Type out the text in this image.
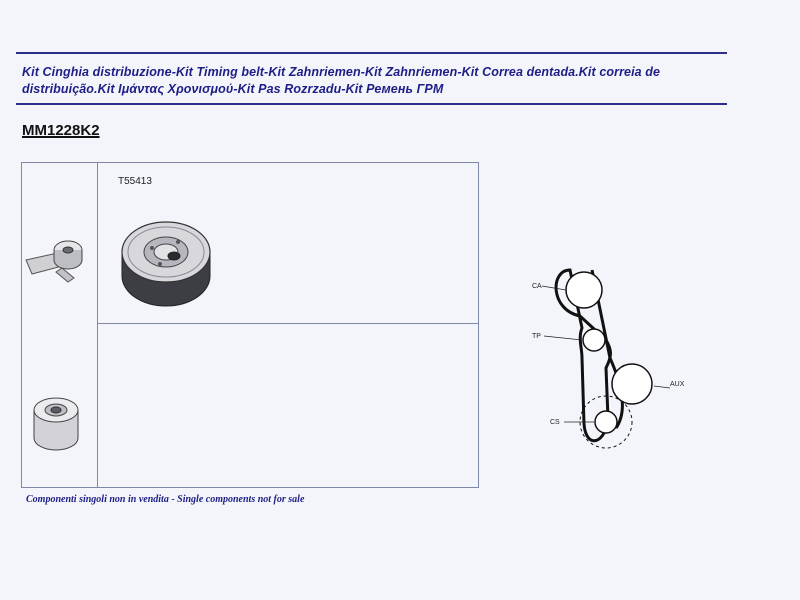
Kit Cinghia distribuzione-Kit Timing belt-Kit Zahnriemen-Kit Zahnriemen-Kit Correa dentada.Kit correia de distribuição.Kit Ιμάντας Χρονισμού-Kit Pas Rozrzadu-Kit Ремень ГРМ
MM1228K2
T55413
CA
TP
AUX
CS
Componenti singoli non in vendita - Single components not for sale
